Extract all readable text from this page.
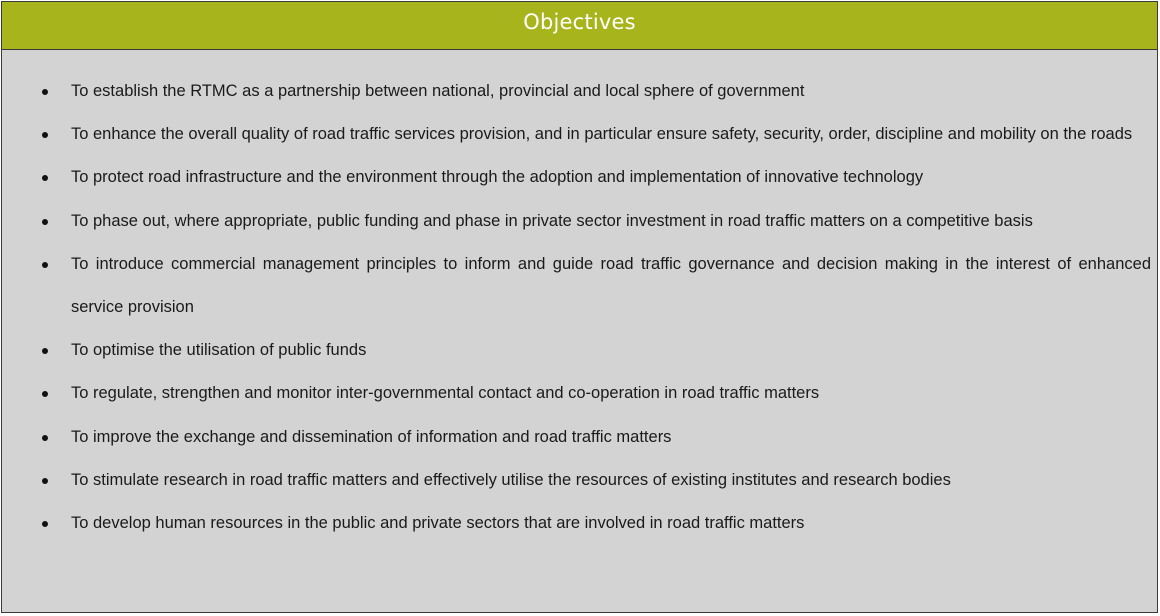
Objectives
To establish the RTMC as a partnership between national, provincial and local sphere of government
To enhance the overall quality of road traffic services provision, and in particular ensure safety, security, order, discipline and mobility on the roads
To protect road infrastructure and the environment through the adoption and implementation of innovative technology
To phase out, where appropriate, public funding and phase in private sector investment in road traffic matters on a competitive basis
To introduce commercial management principles to inform and guide road traffic governance and decision making in the interest of enhanced service provision
To optimise the utilisation of public funds
To regulate, strengthen and monitor inter-governmental contact and co-operation in road traffic matters
To improve the exchange and dissemination of information and road traffic matters
To stimulate research in road traffic matters and effectively utilise the resources of existing institutes and research bodies
To develop human resources in the public and private sectors that are involved in road traffic matters
